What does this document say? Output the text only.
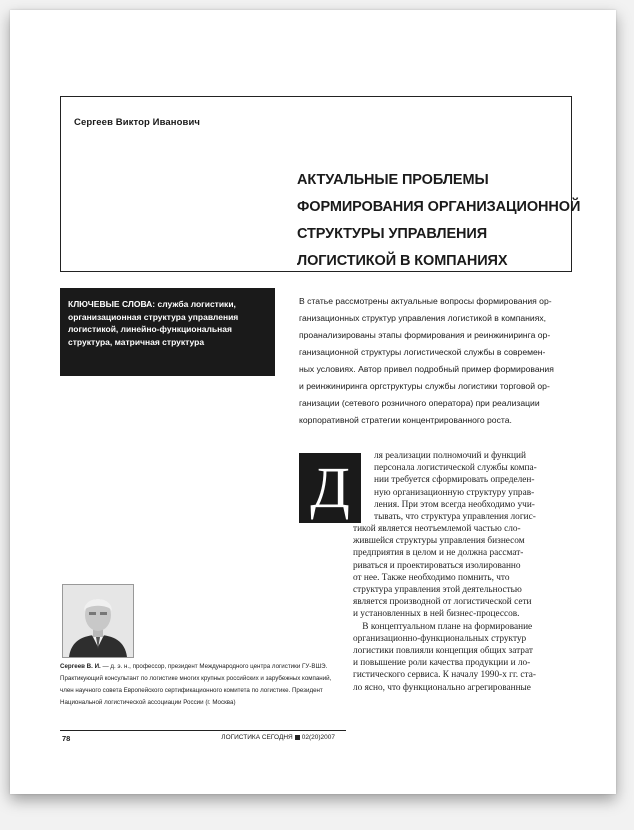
Сергеев Виктор Иванович
АКТУАЛЬНЫЕ ПРОБЛЕМЫ
ФОРМИРОВАНИЯ ОРГАНИЗАЦИОННОЙ
СТРУКТУРЫ УПРАВЛЕНИЯ
ЛОГИСТИКОЙ В КОМПАНИЯХ
КЛЮЧЕВЫЕ СЛОВА: служба логистики, организационная структура управления логистикой, линейно-функциональная структура, матричная структура
В статье рассмотрены актуальные вопросы формирования ор-
ганизационных структур управления логистикой в компаниях,
проанализированы этапы формирования и реинжиниринга ор-
ганизационной структуры логистической службы в современ-
ных условиях. Автор привел подробный пример формирования
и реинжиниринга оргструктуры службы логистики торговой ор-
ганизации (сетевого розничного оператора) при реализации
корпоративной стратегии концентрированного роста.
Д	ля реализации полномочий и функций
персонала логистической службы компа-
нии требуется сформировать определен-
ную организационную структуру управ-
ления. При этом всегда необходимо учи-
тывать, что структура управления логис-
тикой является неотъемлемой частью сло-
жившейся структуры управления бизнесом
предприятия в целом и не должна рассмат-
риваться и проектироваться изолированно
от нее. Также необходимо помнить, что
структура управления этой деятельностью
является производной от логистической сети
и установленных в ней бизнес-процессов.
В концептуальном плане на формирование
организационно-функциональных структур
логистики повлияли концепция общих затрат
и повышение роли качества продукции и ло-
гистического сервиса. К началу 1990-х гг. ста-
ло ясно, что функционально агрегированные
Сергеев В. И. — д. э. н., профессор, президент Международного центра логистики ГУ-ВШЭ. Практикующий консультант по логистике многих крупных российских и зарубежных компаний, член научного совета Европейского сертификационного комитета по логистике. Президент Национальной логистической ассоциации России (г. Москва)
78	ЛОГИСТИКА СЕГОДНЯ 02(20)2007
